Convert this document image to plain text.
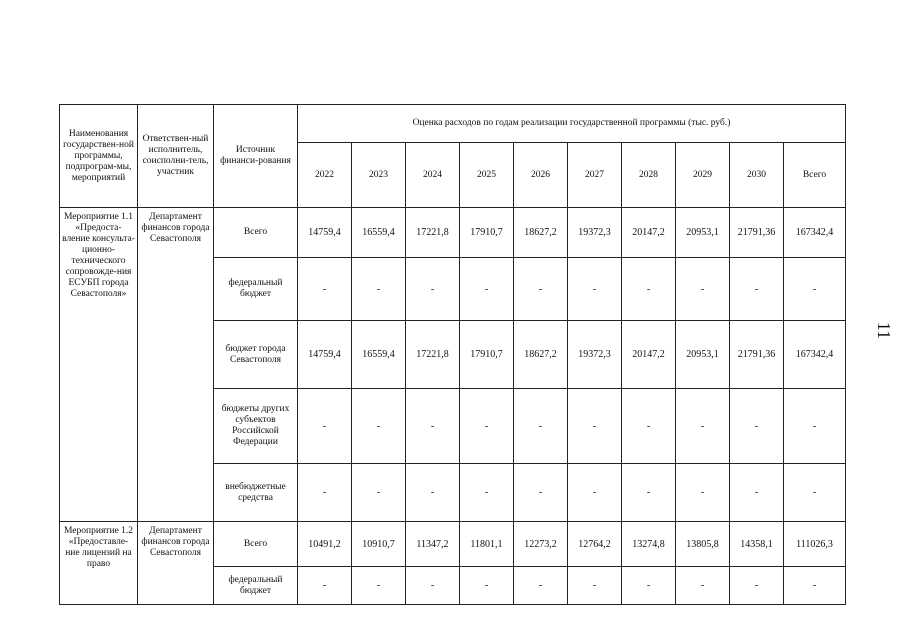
Наименования государствен-ной программы, подпрограм-мы, мероприятий	Ответствен-ный исполнитель, соисполни-тель, участник	Источник финанси-рования	Оценка расходов по годам реализации государственной программы (тыс. руб.)									
			2022	2023	2024	2025	2026	2027	2028	2029	2030	Всего
Мероприятие 1.1 «Предоста-вление консульта-ционно-технического сопровожде-ния ЕСУБП города Севастополя»	Департамент финансов города Севастополя	Всего	14759,4	16559,4	17221,8	17910,7	18627,2	19372,3	20147,2	20953,1	21791,36	167342,4
		федеральный бюджет	-	-	-	-	-	-	-	-	-	-
		бюджет города Севастополя	14759,4	16559,4	17221,8	17910,7	18627,2	19372,3	20147,2	20953,1	21791,36	167342,4
		бюджеты других субъектов Российской Федерации	-	-	-	-	-	-	-	-	-	-
		внебюджетные средства	-	-	-	-	-	-	-	-	-	-
Мероприятие 1.2 «Предоставле-ние лицензий на право	Департамент финансов города Севастополя	Всего	10491,2	10910,7	11347,2	11801,1	12273,2	12764,2	13274,8	13805,8	14358,1	111026,3
		федеральный бюджет	-	-	-	-	-	-	-	-	-	-
11
